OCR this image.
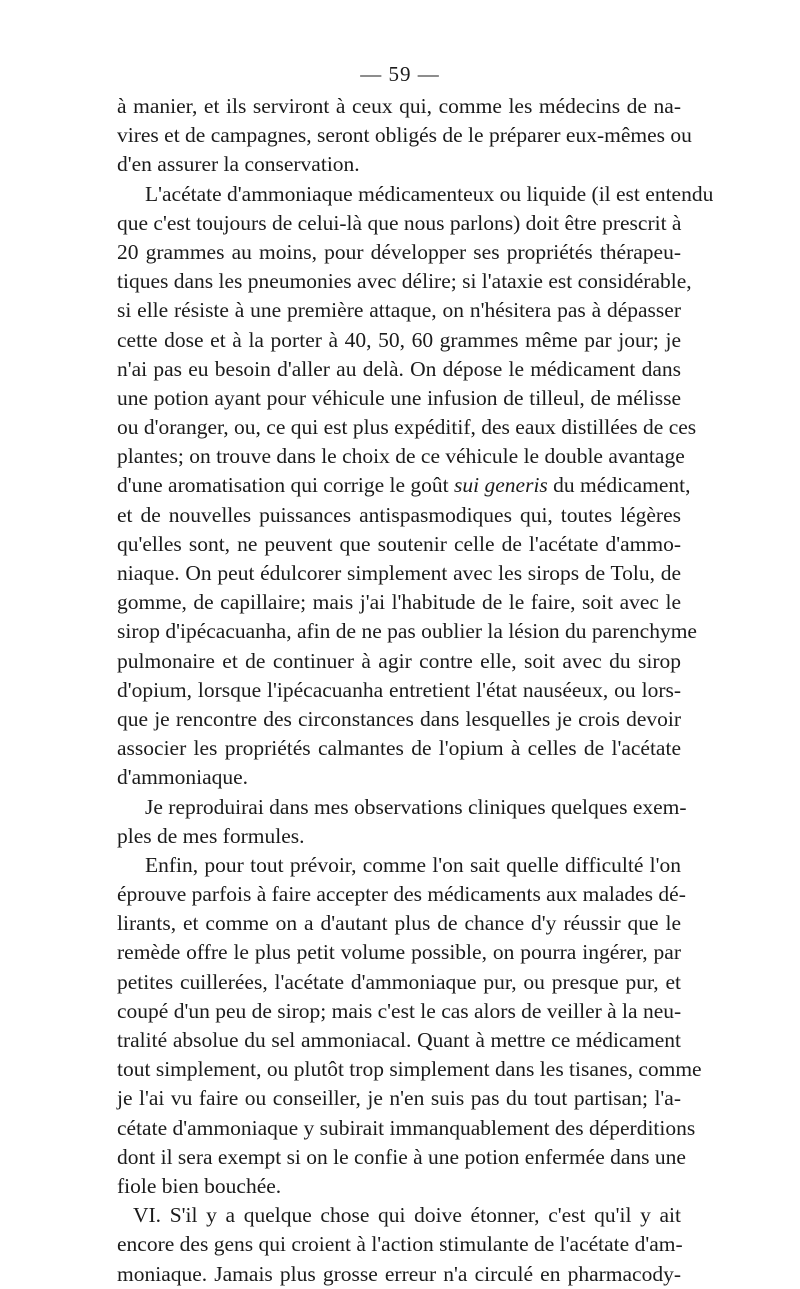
— 59 —
à manier, et ils serviront à ceux qui, comme les médecins de na-
vires et de campagnes, seront obligés de le préparer eux-mêmes ou
d'en assurer la conservation.
L'acétate d'ammoniaque médicamenteux ou liquide (il est entendu
que c'est toujours de celui-là que nous parlons) doit être prescrit à
20 grammes au moins, pour développer ses propriétés thérapeu-
tiques dans les pneumonies avec délire; si l'ataxie est considérable,
si elle résiste à une première attaque, on n'hésitera pas à dépasser
cette dose et à la porter à 40, 50, 60 grammes même par jour; je
n'ai pas eu besoin d'aller au delà. On dépose le médicament dans
une potion ayant pour véhicule une infusion de tilleul, de mélisse
ou d'oranger, ou, ce qui est plus expéditif, des eaux distillées de ces
plantes; on trouve dans le choix de ce véhicule le double avantage
d'une aromatisation qui corrige le goût sui generis du médicament,
et de nouvelles puissances antispasmodiques qui, toutes légères
qu'elles sont, ne peuvent que soutenir celle de l'acétate d'ammo-
niaque. On peut édulcorer simplement avec les sirops de Tolu, de
gomme, de capillaire; mais j'ai l'habitude de le faire, soit avec le
sirop d'ipécacuanha, afin de ne pas oublier la lésion du parenchyme
pulmonaire et de continuer à agir contre elle, soit avec du sirop
d'opium, lorsque l'ipécacuanha entretient l'état nauséeux, ou lors-
que je rencontre des circonstances dans lesquelles je crois devoir
associer les propriétés calmantes de l'opium à celles de l'acétate
d'ammoniaque.
Je reproduirai dans mes observations cliniques quelques exem-
ples de mes formules.
Enfin, pour tout prévoir, comme l'on sait quelle difficulté l'on
éprouve parfois à faire accepter des médicaments aux malades dé-
lirants, et comme on a d'autant plus de chance d'y réussir que le
remède offre le plus petit volume possible, on pourra ingérer, par
petites cuillerées, l'acétate d'ammoniaque pur, ou presque pur, et
coupé d'un peu de sirop; mais c'est le cas alors de veiller à la neu-
tralité absolue du sel ammoniacal. Quant à mettre ce médicament
tout simplement, ou plutôt trop simplement dans les tisanes, comme
je l'ai vu faire ou conseiller, je n'en suis pas du tout partisan; l'a-
cétate d'ammoniaque y subirait immanquablement des déperditions
dont il sera exempt si on le confie à une potion enfermée dans une
fiole bien bouchée.
VI. S'il y a quelque chose qui doive étonner, c'est qu'il y ait
encore des gens qui croient à l'action stimulante de l'acétate d'am-
moniaque. Jamais plus grosse erreur n'a circulé en pharmacody-
